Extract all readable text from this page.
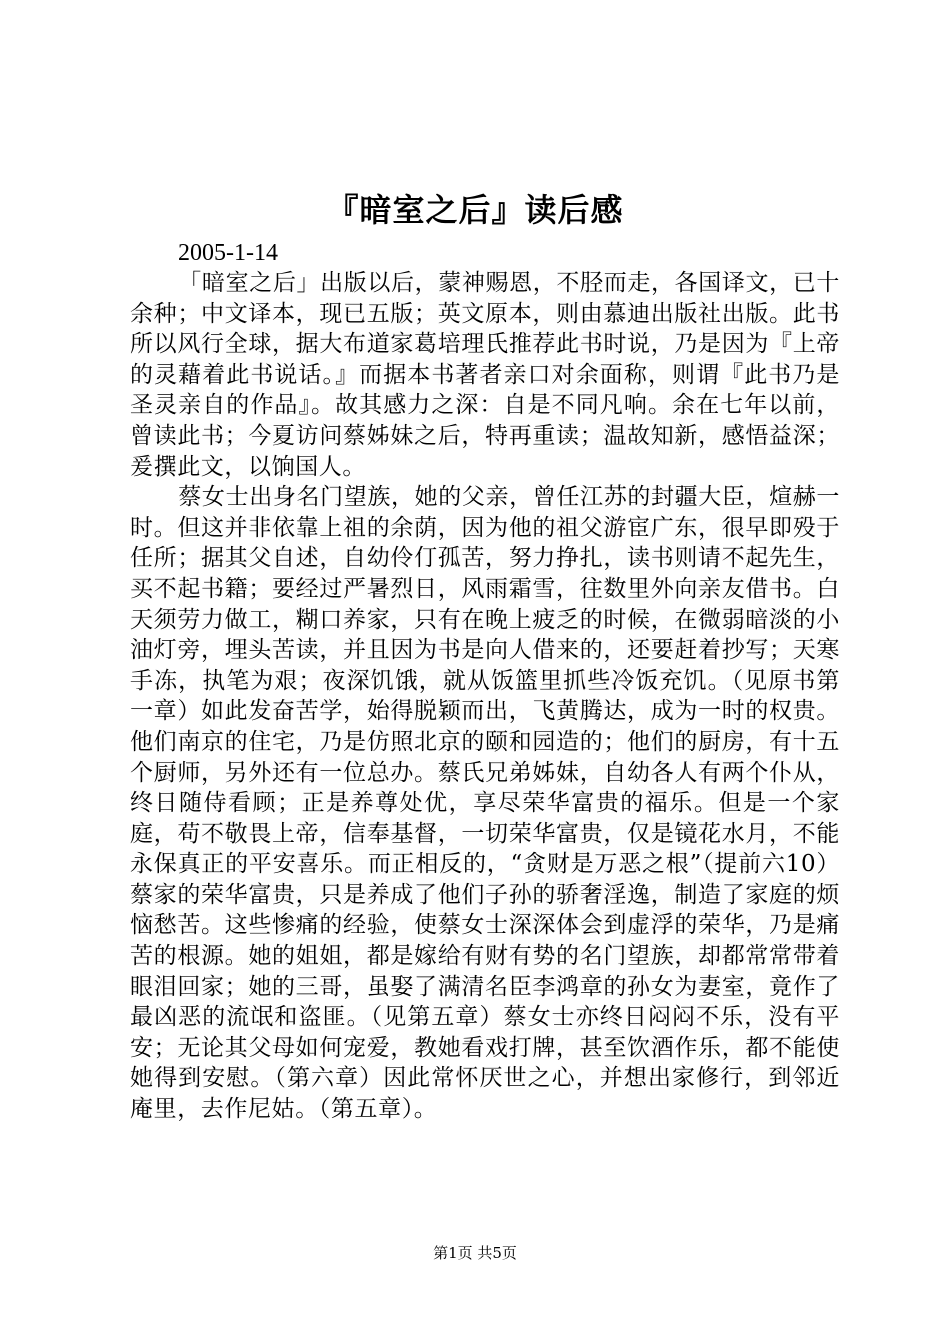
『暗室之后』读后感

2005-1-14

「暗室之后」出版以后，蒙神赐恩，不胫而走，各国译文，已十余种；中文译本，现已五版；英文原本，则由慕迪出版社出版。此书所以风行全球，据大布道家葛培理氏推荐此书时说，乃是因为『上帝的灵藉着此书说话。』而据本书著者亲口对余面称，则谓『此书乃是圣灵亲自的作品』。故其感力之深：自是不同凡响。余在七年以前，曾读此书；今夏访问蔡姊妹之后，特再重读；温故知新，感悟益深；爰撰此文，以饷国人。

蔡女士出身名门望族，她的父亲，曾任江苏的封疆大臣，煊赫一时。但这并非依靠上祖的余荫，因为他的祖父游宦广东，很早即殁于任所；据其父自述，自幼伶仃孤苦，努力挣扎，读书则请不起先生，买不起书籍；要经过严暑烈日，风雨霜雪，往数里外向亲友借书。白天须劳力做工，糊口养家，只有在晚上疲乏的时候，在微弱暗淡的小油灯旁，埋头苦读，并且因为书是向人借来的，还要赶着抄写；天寒手冻，执笔为艰；夜深饥饿，就从饭篮里抓些冷饭充饥。（见原书第一章）如此发奋苦学，始得脱颖而出，飞黄腾达，成为一时的权贵。他们南京的住宅，乃是仿照北京的颐和园造的；他们的厨房，有十五个厨师，另外还有一位总办。蔡氏兄弟姊妹，自幼各人有两个仆从，终日随侍看顾；正是养尊处优，享尽荣华富贵的福乐。但是一个家庭，苟不敬畏上帝，信奉基督，一切荣华富贵，仅是镜花水月，不能永保真正的平安喜乐。而正相反的，“贪财是万恶之根”（提前六10）蔡家的荣华富贵，只是养成了他们子孙的骄奢淫逸，制造了家庭的烦恼愁苦。这些惨痛的经验，使蔡女士深深体会到虚浮的荣华，乃是痛苦的根源。她的姐姐，都是嫁给有财有势的名门望族，却都常常带着眼泪回家；她的三哥，虽娶了满清名臣李鸿章的孙女为妻室，竟作了最凶恶的流氓和盗匪。（见第五章）蔡女士亦终日闷闷不乐，没有平安；无论其父母如何宠爱，教她看戏打牌，甚至饮酒作乐，都不能使她得到安慰。（第六章）因此常怀厌世之心，并想出家修行，到邻近庵里，去作尼姑。（第五章）。

第1页 共5页
